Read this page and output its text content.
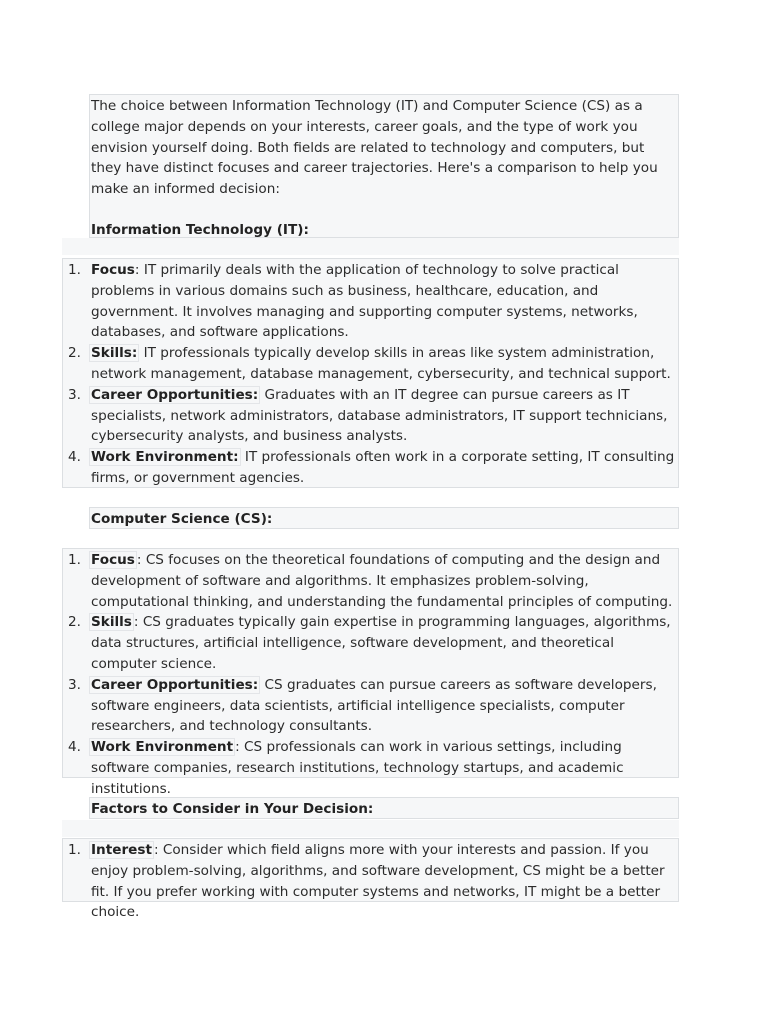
The choice between Information Technology (IT) and Computer Science (CS) as a college major depends on your interests, career goals, and the type of work you envision yourself doing. Both fields are related to technology and computers, but they have distinct focuses and career trajectories. Here's a comparison to help you make an informed decision:

Information Technology (IT):

1. Focus: IT primarily deals with the application of technology to solve practical problems in various domains such as business, healthcare, education, and government. It involves managing and supporting computer systems, networks, databases, and software applications.
2. Skills: IT professionals typically develop skills in areas like system administration, network management, database management, cybersecurity, and technical support.
3. Career Opportunities: Graduates with an IT degree can pursue careers as IT specialists, network administrators, database administrators, IT support technicians, cybersecurity analysts, and business analysts.
4. Work Environment: IT professionals often work in a corporate setting, IT consulting firms, or government agencies.
Computer Science (CS):
1. Focus : CS focuses on the theoretical foundations of computing and the design and development of software and algorithms. It emphasizes problem-solving, computational thinking, and understanding the fundamental principles of computing.
2. Skills : CS graduates typically gain expertise in programming languages, algorithms, data structures, artificial intelligence, software development, and theoretical computer science.
3. Career Opportunities: CS graduates can pursue careers as software developers, software engineers, data scientists, artificial intelligence specialists, computer researchers, and technology consultants.
4. Work Environment : CS professionals can work in various settings, including software companies, research institutions, technology startups, and academic institutions.
Factors to Consider in Your Decision:
1. Interest : Consider which field aligns more with your interests and passion. If you enjoy problem-solving, algorithms, and software development, CS might be a better fit. If you prefer working with computer systems and networks, IT might be a better choice.
